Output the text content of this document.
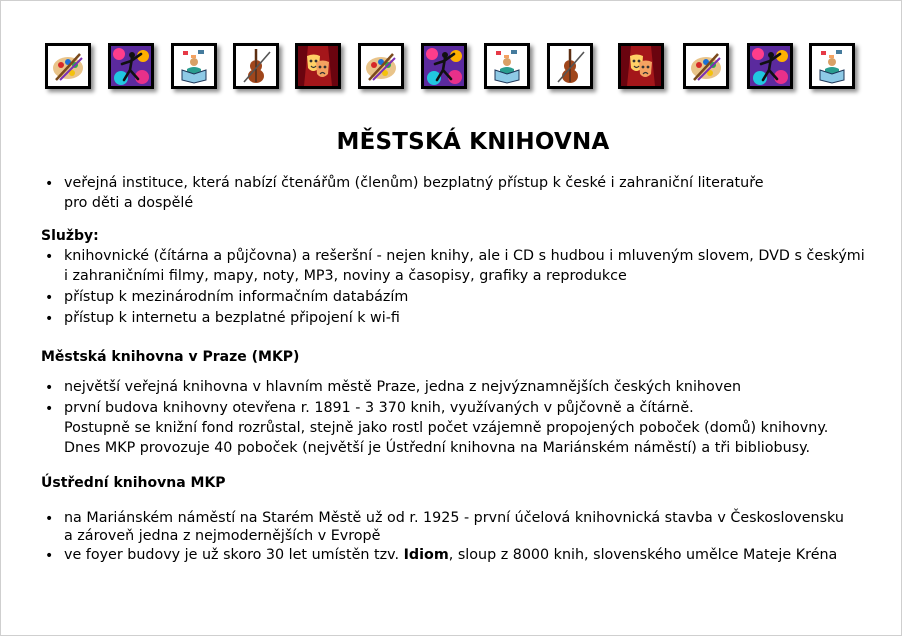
MĚSTSKÁ KNIHOVNA
• veřejná instituce, která nabízí čtenářům (členům) bezplatný přístup k české i zahraniční literatuře
pro děti a dospělé
Služby:
• knihovnické (čítárna a půjčovna) a rešeršní - nejen knihy, ale i CD s hudbou i mluveným slovem, DVD s českými
i zahraničními filmy, mapy, noty, MP3, noviny a časopisy, grafiky a reprodukce
• přístup k mezinárodním informačním databázím
• přístup k internetu a bezplatné připojení k wi-fi
Městská knihovna v Praze (MKP)
• největší veřejná knihovna v hlavním městě Praze, jedna z nejvýznamnějších českých knihoven
• první budova knihovny otevřena r. 1891 - 3 370 knih, využívaných v půjčovně a čítárně.
Postupně se knižní fond rozrůstal, stejně jako rostl počet vzájemně propojených poboček (domů) knihovny.
Dnes MKP provozuje 40 poboček (největší je Ústřední knihovna na Mariánském náměstí) a tři bibliobusy.
Ústřední knihovna MKP
• na Mariánském náměstí na Starém Městě už od r. 1925 - první účelová knihovnická stavba v Československu
a zároveň jedna z nejmodernějších v Evropě
• ve foyer budovy je už skoro 30 let umístěn tzv. Idiom, sloup z 8000 knih, slovenského umělce Mateje Kréna
